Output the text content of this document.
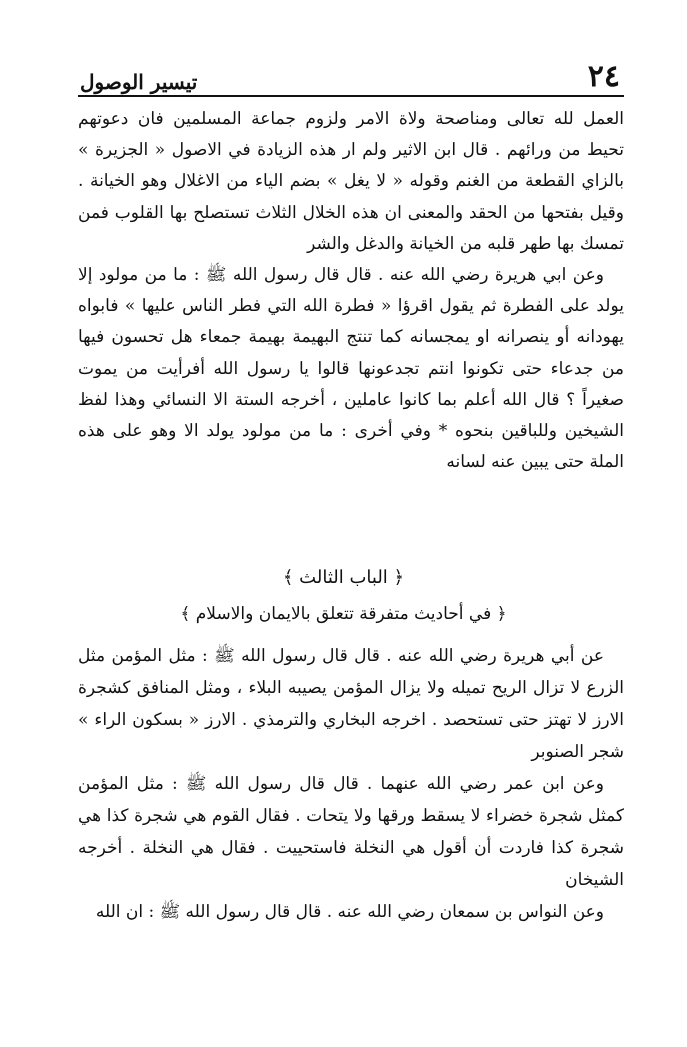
٢٤
تيسير الوصول

العمل لله تعالى ومناصحة ولاة الامر ولزوم جماعة المسلمين فان دعوتهم تحيط من ورائهم . قال ابن الاثير ولم ار هذه الزيادة في الاصول « الجزيرة » بالزاي القطعة من الغنم وقوله « لا يغل » بضم الياء من الاغلال وهو الخيانة . وقيل بفتحها من الحقد والمعنى ان هذه الخلال الثلاث تستصلح بها القلوب فمن تمسك بها طهر قلبه من الخيانة والدغل والشر

وعن ابي هريرة رضي الله عنه . قال قال رسول الله ﷺ : ما من مولود إلا يولد على الفطرة ثم يقول اقرؤا « فطرة الله التي فطر الناس عليها » فابواه يهودانه أو ينصرانه او يمجسانه كما تنتج البهيمة بهيمة جمعاء هل تحسون فيها من جدعاء حتى تكونوا انتم تجدعونها قالوا يا رسول الله أفرأيت من يموت صغيراً ؟ قال الله أعلم بما كانوا عاملين ، أخرجه الستة الا النسائي وهذا لفظ الشيخين وللباقين بنحوه * وفي أخرى : ما من مولود يولد الا وهو على هذه الملة حتى يبين عنه لسانه

﴿ الباب الثالث ﴾
﴿ في أحاديث متفرقة تتعلق بالايمان والاسلام ﴾

عن أبي هريرة رضي الله عنه . قال قال رسول الله ﷺ : مثل المؤمن مثل الزرع لا تزال الريح تميله ولا يزال المؤمن يصيبه البلاء ، ومثل المنافق كشجرة الارز لا تهتز حتى تستحصد . اخرجه البخاري والترمذي . الارز « بسكون الراء » شجر الصنوبر

وعن ابن عمر رضي الله عنهما . قال قال رسول الله ﷺ : مثل المؤمن كمثل شجرة خضراء لا يسقط ورقها ولا يتحات . فقال القوم هي شجرة كذا هي شجرة كذا فاردت أن أقول هي النخلة فاستحييت . فقال هي النخلة . أخرجه الشيخان

وعن النواس بن سمعان رضي الله عنه . قال قال رسول الله ﷺ : ان الله
